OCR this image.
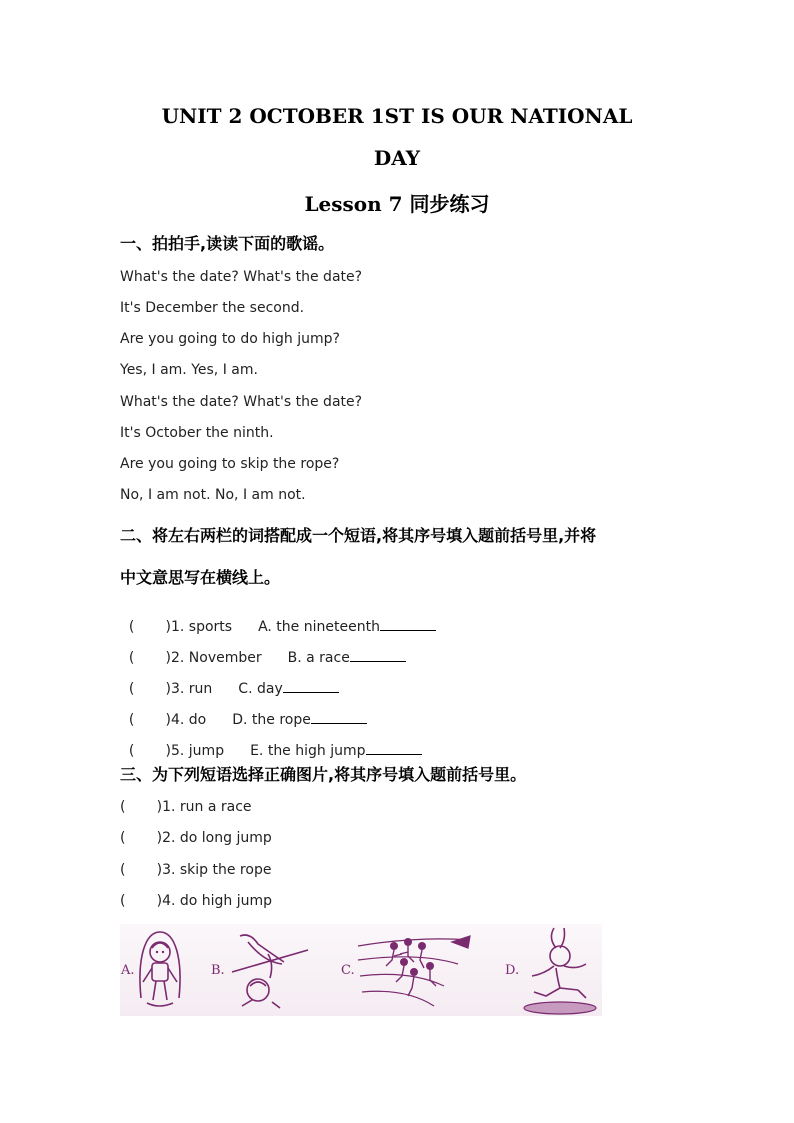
UNIT 2 OCTOBER 1ST IS OUR NATIONAL
DAY
Lesson 7 同步练习
一、拍拍手,读读下面的歌谣。
What's the date? What's the date?
It's December the second.
Are you going to do high jump?
Yes, I am. Yes, I am.
What's the date? What's the date?
It's October the ninth.
Are you going to skip the rope?
No, I am not. No, I am not.
二、将左右两栏的词搭配成一个短语,将其序号填入题前括号里,并将
中文意思写在横线上。

(       )1. sports A. the nineteenth

(       )2. November B. a race

(       )3. run C. day

(       )4. do D. the rope

(       )5. jump E. the high jump

三、为下列短语选择正确图片,将其序号填入题前括号里。
(       )1. run a race
(       )2. do long jump
(       )3. skip the rope
(       )4. do high jump
A.	B.	C.	D.
